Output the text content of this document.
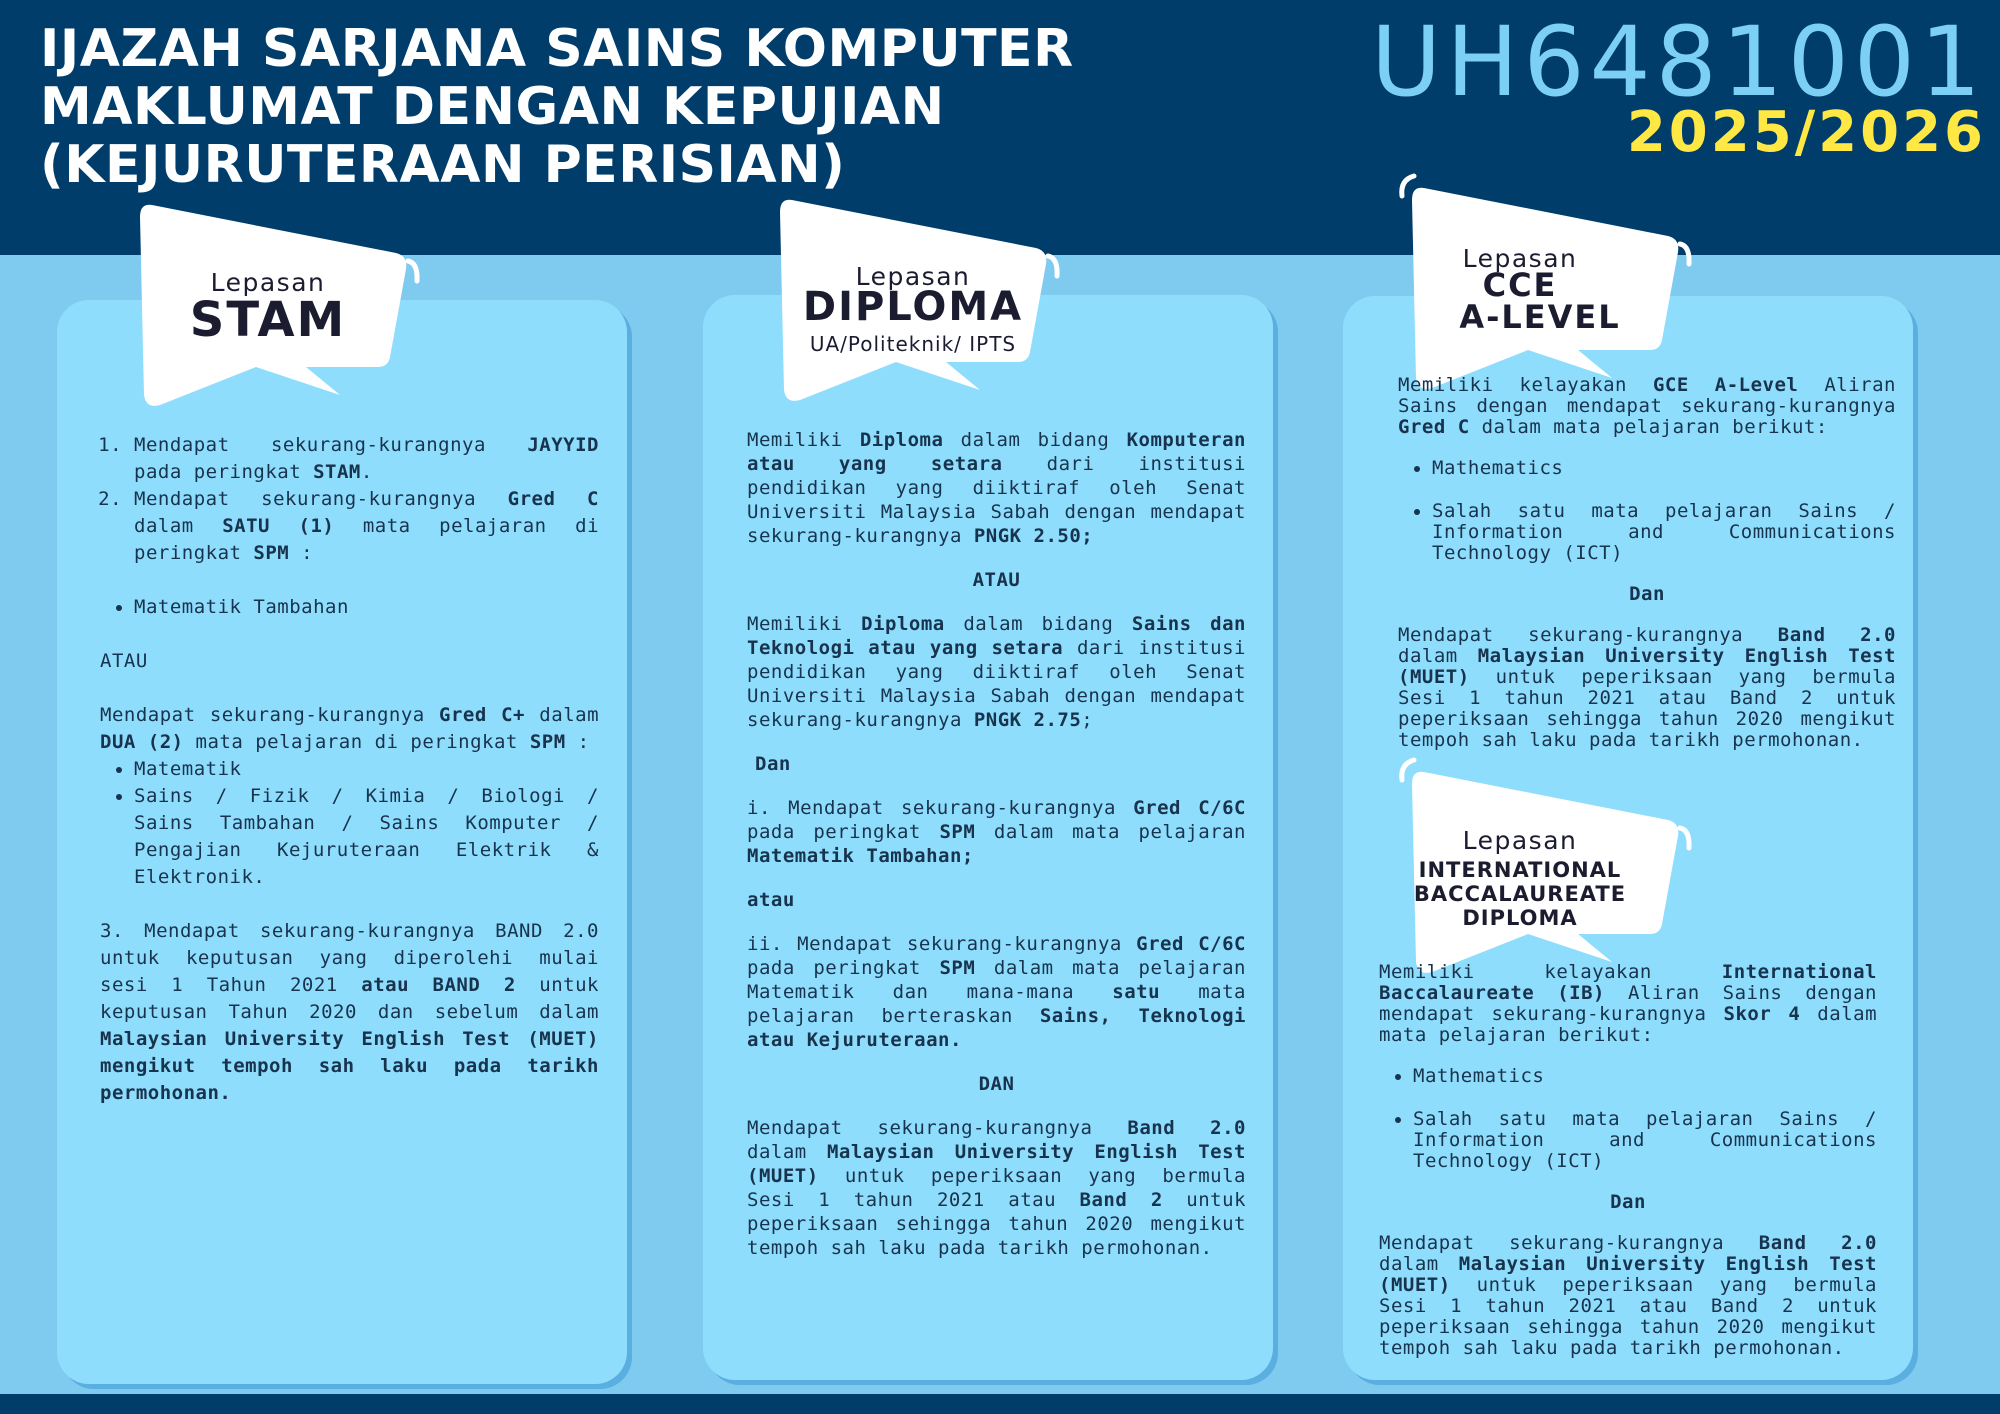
IJAZAH SARJANA SAINS KOMPUTER
MAKLUMAT DENGAN KEPUJIAN
(KEJURUTERAAN PERISIAN)
UH6481001
2025/2026
Lepasan
STAM
Lepasan
DIPLOMA
UA/Politeknik/ IPTS
Lepasan
CCE
A-LEVEL
Lepasan
INTERNATIONAL
BACCALAUREATE
DIPLOMA
1. Mendapat sekurang-kurangnya JAYYID pada peringkat STAM.
2. Mendapat sekurang-kurangnya Gred C dalam SATU (1) mata pelajaran di peringkat SPM :
• Matematik Tambahan

ATAU

Mendapat sekurang-kurangnya Gred C+ dalam DUA (2) mata pelajaran di peringkat SPM :

• Matematik
• Sains / Fizik / Kimia / Biologi / Sains Tambahan / Sains Komputer / Pengajian Kejuruteraan Elektrik & Elektronik.

3. Mendapat sekurang-kurangnya BAND 2.0 untuk keputusan yang diperolehi mulai sesi 1 Tahun 2021 atau BAND 2 untuk keputusan Tahun 2020 dan sebelum dalam Malaysian University English Test (MUET) mengikut tempoh sah laku pada tarikh permohonan.

Memiliki Diploma dalam bidang Komputeran atau yang setara dari institusi pendidikan yang diiktiraf oleh Senat Universiti Malaysia Sabah dengan mendapat sekurang-kurangnya PNGK 2.50;

ATAU

Memiliki Diploma dalam bidang Sains dan Teknologi atau yang setara dari institusi pendidikan yang diiktiraf oleh Senat Universiti Malaysia Sabah dengan mendapat sekurang-kurangnya PNGK 2.75;

Dan

i. Mendapat sekurang-kurangnya Gred C/6C pada peringkat SPM dalam mata pelajaran Matematik Tambahan;

atau

ii. Mendapat sekurang-kurangnya Gred C/6C pada peringkat SPM dalam mata pelajaran Matematik dan mana-mana satu mata pelajaran berteraskan Sains, Teknologi atau Kejuruteraan.

DAN

Mendapat sekurang-kurangnya Band 2.0 dalam Malaysian University English Test (MUET) untuk peperiksaan yang bermula Sesi 1 tahun 2021 atau Band 2 untuk peperiksaan sehingga tahun 2020 mengikut tempoh sah laku pada tarikh permohonan.

Memiliki kelayakan GCE A-Level Aliran Sains dengan mendapat sekurang-kurangnya Gred C dalam mata pelajaran berikut:

• Mathematics
• Salah satu mata pelajaran Sains / Information and Communications Technology (ICT)

Dan

Mendapat sekurang-kurangnya Band 2.0 dalam Malaysian University English Test (MUET) untuk peperiksaan yang bermula Sesi 1 tahun 2021 atau Band 2 untuk peperiksaan sehingga tahun 2020 mengikut tempoh sah laku pada tarikh permohonan.

Memiliki kelayakan International Baccalaureate (IB) Aliran Sains dengan mendapat sekurang-kurangnya Skor 4 dalam mata pelajaran berikut:

• Mathematics
• Salah satu mata pelajaran Sains / Information and Communications Technology (ICT)

Dan

Mendapat sekurang-kurangnya Band 2.0 dalam Malaysian University English Test (MUET) untuk peperiksaan yang bermula Sesi 1 tahun 2021 atau Band 2 untuk peperiksaan sehingga tahun 2020 mengikut tempoh sah laku pada tarikh permohonan.
